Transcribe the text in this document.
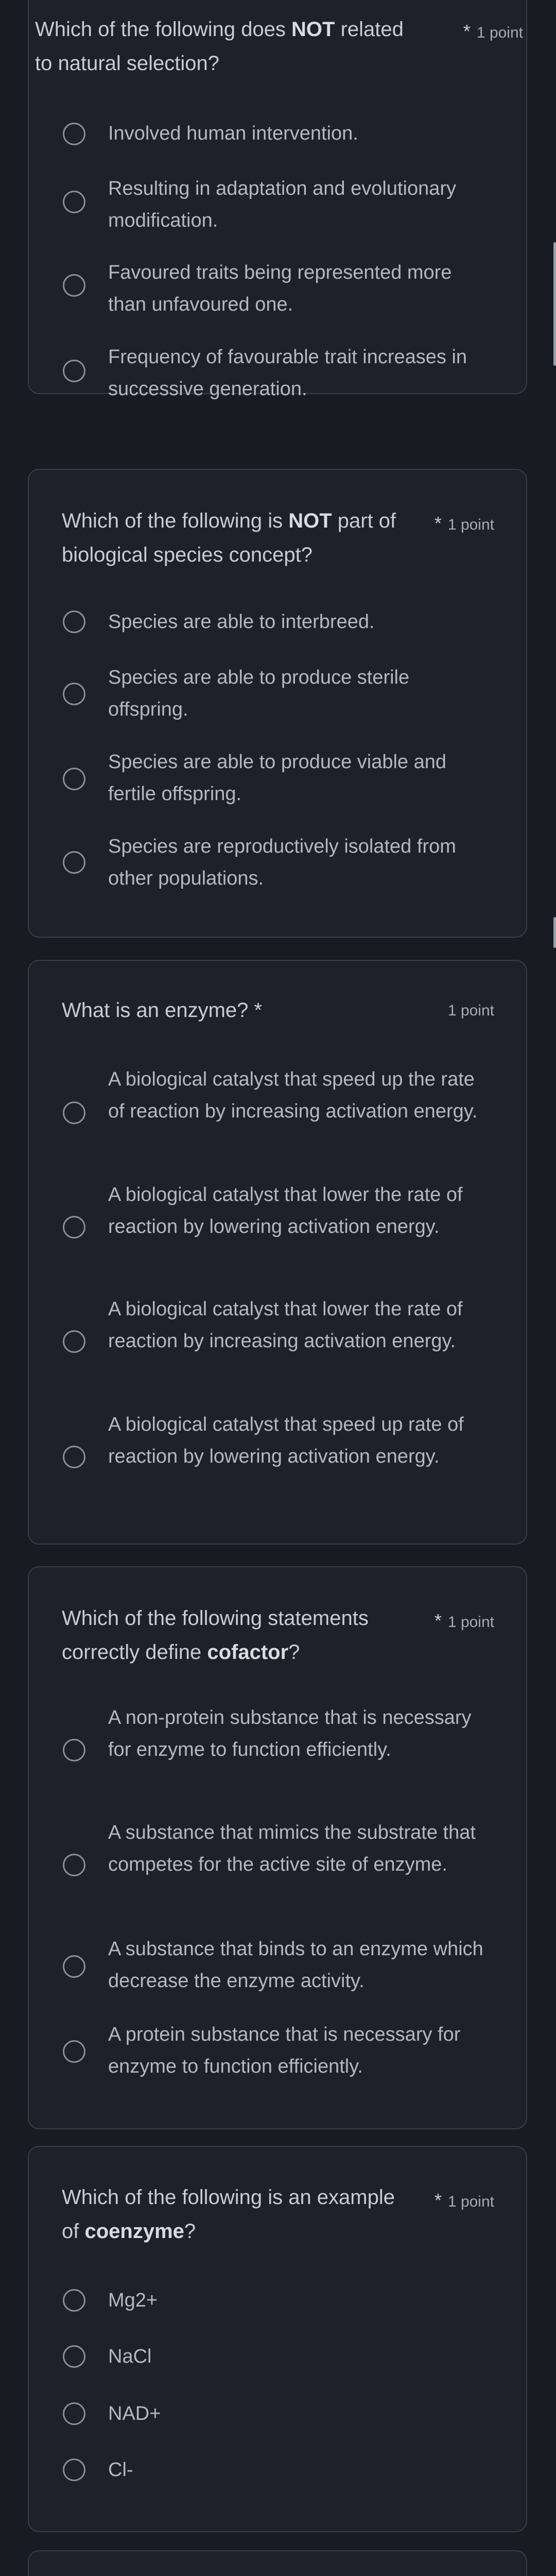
Which of the following does NOT related to natural selection?
* 1 point
Involved human intervention.
Resulting in adaptation and evolutionary modification.
Favoured traits being represented more than unfavoured one.
Frequency of favourable trait increases in successive generation.
Which of the following is NOT part of biological species concept?
* 1 point
Species are able to interbreed.
Species are able to produce sterile offspring.
Species are able to produce viable and fertile offspring.
Species are reproductively isolated from other populations.
What is an enzyme? *	1 point
A biological catalyst that speed up the rate of reaction by increasing activation energy.
A biological catalyst that lower the rate of reaction by lowering activation energy.
A biological catalyst that lower the rate of reaction by increasing activation energy.
A biological catalyst that speed up rate of reaction by lowering activation energy.
Which of the following statements correctly define cofactor?
* 1 point
A non-protein substance that is necessary for enzyme to function efficiently.
A substance that mimics the substrate that competes for the active site of enzyme.
A substance that binds to an enzyme which decrease the enzyme activity.
A protein substance that is necessary for enzyme to function efficiently.
Which of the following is an example of coenzyme?
* 1 point
Mg2+
NaCl
NAD+
Cl-
